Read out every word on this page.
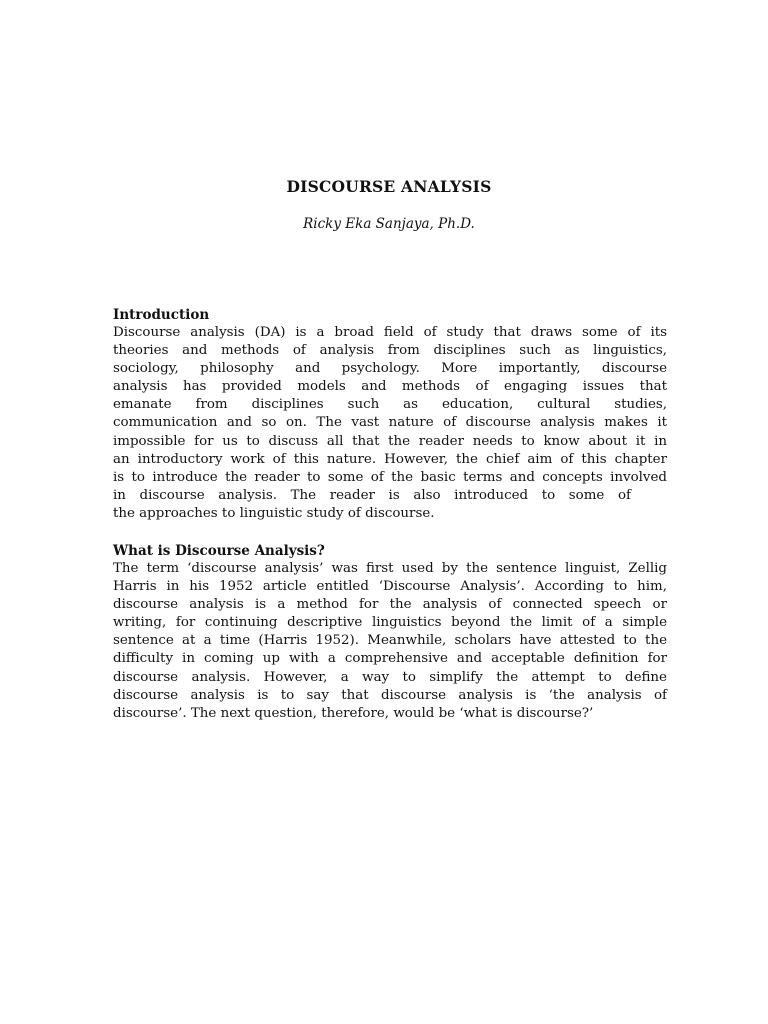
DISCOURSE ANALYSIS
Ricky Eka Sanjaya, Ph.D.

Introduction

Discourse analysis (DA) is a broad field of study that draws some of its
theories and methods of analysis from disciplines such as linguistics,
sociology, philosophy and psychology. More importantly, discourse
analysis has provided models and methods of engaging issues that
emanate from disciplines such as education, cultural studies,
communication and so on. The vast nature of discourse analysis makes it
impossible for us to discuss all that the reader needs to know about it in
an introductory work of this nature. However, the chief aim of this chapter
is to introduce the reader to some of the basic terms and concepts involved
in discourse analysis. The reader is also introduced to some of
the approaches to linguistic study of discourse.

What is Discourse Analysis?

The term ‘discourse analysis’ was first used by the sentence linguist, Zellig
Harris in his 1952 article entitled ‘Discourse Analysis’. According to him,
discourse analysis is a method for the analysis of connected speech or
writing, for continuing descriptive linguistics beyond the limit of a simple
sentence at a time (Harris 1952). Meanwhile, scholars have attested to the
difficulty in coming up with a comprehensive and acceptable definition for
discourse analysis. However, a way to simplify the attempt to define
discourse analysis is to say that discourse analysis is ‘the analysis of
discourse’. The next question, therefore, would be ‘what is discourse?’
